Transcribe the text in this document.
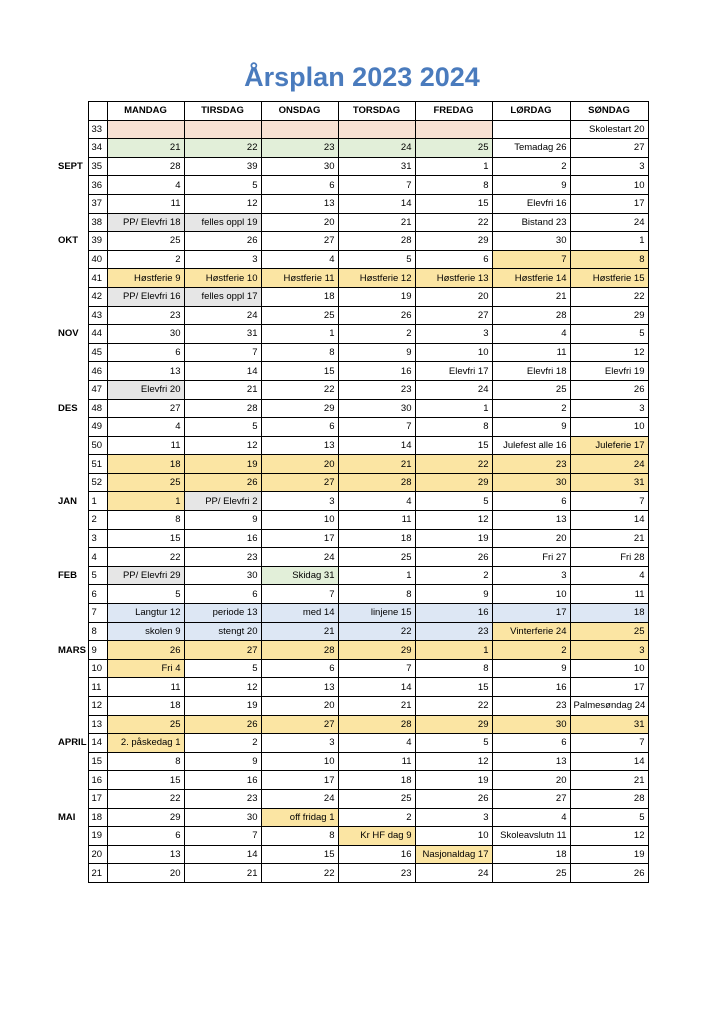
Årsplan 2023 2024
		MANDAG	TIRSDAG	ONSDAG	TORSDAG	FREDAG	LØRDAG	SØNDAG
	33							Skolestart 20
	34	21	22	23	24	25	Temadag 26	27
SEPT	35	28	39	30	31	1	2	3
	36	4	5	6	7	8	9	10
	37	11	12	13	14	15	Elevfri 16	17
	38	PP/ Elevfri 18	felles oppl 19	20	21	22	Bistand 23	24
OKT	39	25	26	27	28	29	30	1
	40	2	3	4	5	6	7	8
	41	Høstferie 9	Høstferie 10	Høstferie 11	Høstferie 12	Høstferie 13	Høstferie 14	Høstferie 15
	42	PP/ Elevfri 16	felles oppl 17	18	19	20	21	22
	43	23	24	25	26	27	28	29
NOV	44	30	31	1	2	3	4	5
	45	6	7	8	9	10	11	12
	46	13	14	15	16	Elevfri 17	Elevfri 18	Elevfri 19
	47	Elevfri 20	21	22	23	24	25	26
DES	48	27	28	29	30	1	2	3
	49	4	5	6	7	8	9	10
	50	11	12	13	14	15	Julefest alle 16	Juleferie 17
	51	18	19	20	21	22	23	24
	52	25	26	27	28	29	30	31
JAN	1	1	PP/ Elevfri 2	3	4	5	6	7
	2	8	9	10	11	12	13	14
	3	15	16	17	18	19	20	21
	4	22	23	24	25	26	Fri 27	Fri 28
FEB	5	PP/ Elevfri 29	30	Skidag 31	1	2	3	4
	6	5	6	7	8	9	10	11
	7	Langtur 12	periode 13	med 14	linjene 15	16	17	18
	8	skolen 9	stengt 20	21	22	23	Vinterferie 24	25
MARS	9	26	27	28	29	1	2	3
	10	Fri 4	5	6	7	8	9	10
	11	11	12	13	14	15	16	17
	12	18	19	20	21	22	23	Palmesøndag 24
	13	25	26	27	28	29	30	31
APRIL	14	2. påskedag 1	2	3	4	5	6	7
	15	8	9	10	11	12	13	14
	16	15	16	17	18	19	20	21
	17	22	23	24	25	26	27	28
MAI	18	29	30	off fridag 1	2	3	4	5
	19	6	7	8	Kr HF dag 9	10	Skoleavslutn 11	12
	20	13	14	15	16	Nasjonaldag 17	18	19
	21	20	21	22	23	24	25	26
